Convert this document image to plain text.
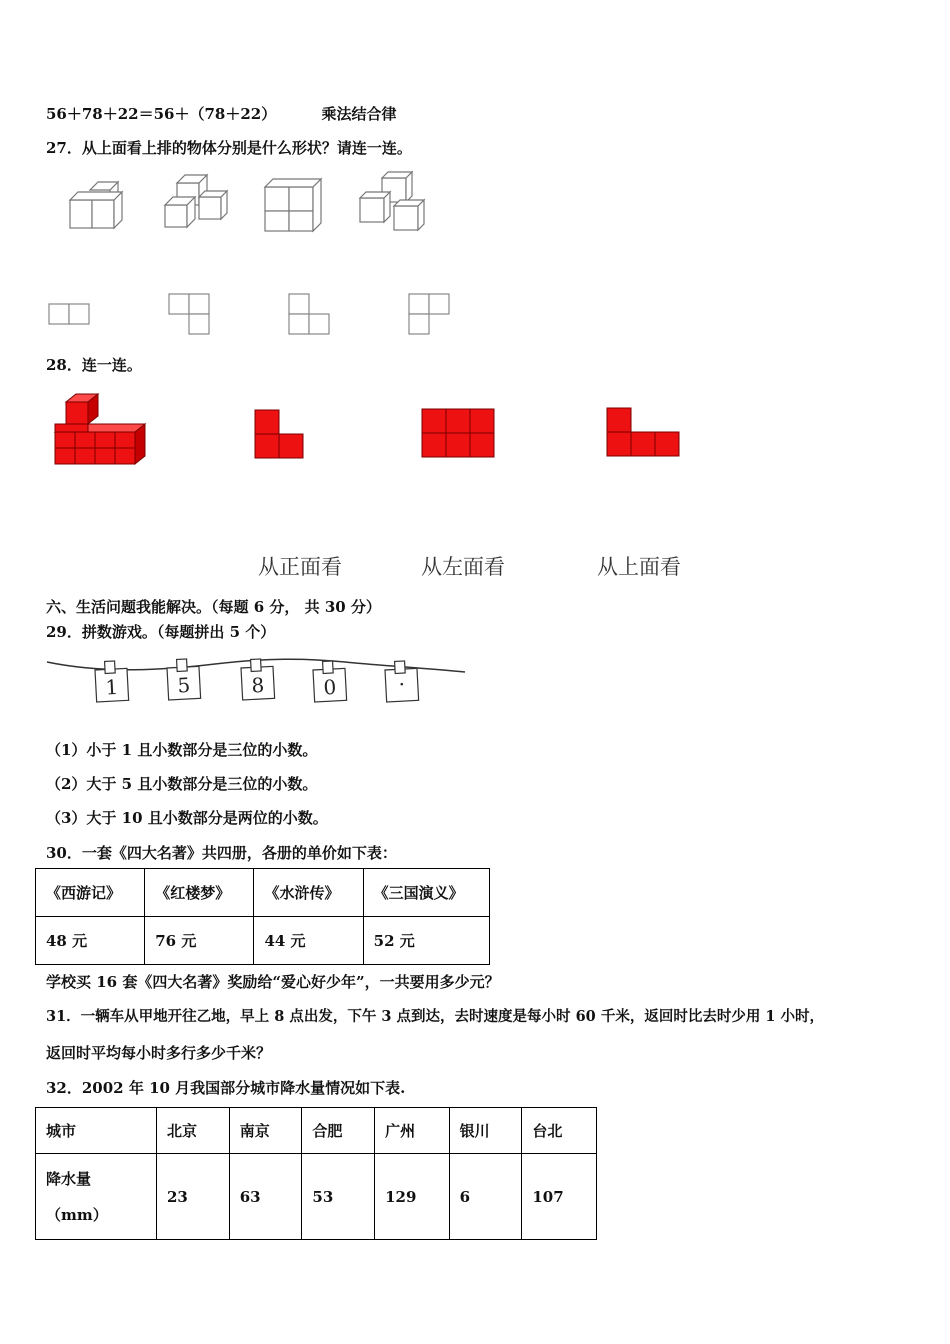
56＋78＋22＝56＋（78＋22）	乘法结合律
27．从上面看上排的物体分别是什么形状？请连一连。
28．连一连。
从正面看	从左面看	从上面看
六、生活问题我能解决。（每题 6 分， 共 30 分）
29．拼数游戏。（每题拼出 5 个）
1	5	8	0	·
（1）小于 1 且小数部分是三位的小数。
（2）大于 5 且小数部分是三位的小数。
（3）大于 10 且小数部分是两位的小数。
30．一套《四大名著》共四册，各册的单价如下表：
《西游记》	《红楼梦》	《水浒传》	《三国演义》
48 元	76 元	44 元	52 元
学校买 16 套《四大名著》奖励给“爱心好少年”，一共要用多少元？
31．一辆车从甲地开往乙地，早上 8 点出发，下午 3 点到达，去时速度是每小时 60 千米，返回时比去时少用 1 小时，
返回时平均每小时多行多少千米？
32．2002 年 10 月我国部分城市降水量情况如下表.
城市	北京	南京	合肥	广州	银川	台北

降水量
（mm）	23	63	53	129	6	107
